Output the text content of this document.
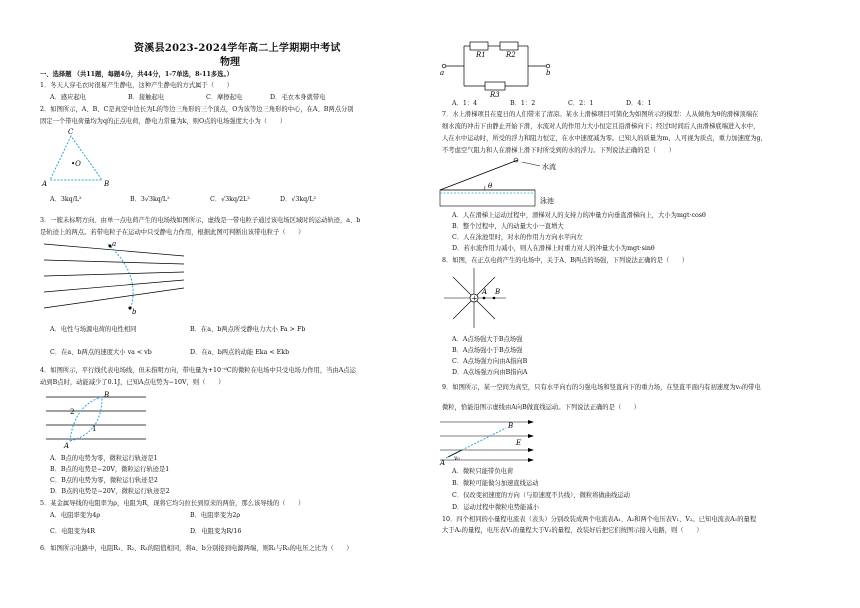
资溪县2023-2024学年高二上学期期中考试
物理
一、选择题 （共11题，每题4分，共44分，1-7单选，8-11多选。）
1．冬天人穿毛衣时很易产生静电，这种产生静电的方式属于（　　）
A．感应起电	B．接触起电	C．摩擦起电	D．毛衣本身就带电
2．如图所示，A、B、C是真空中边长为L的等边三角形的三个顶点，O为该等边三角形的中心，在A、B两点分别
固定一个带电荷量均为q的正点电荷，静电力常量为k，则O点的电场强度大小为（　　）
C
•O
A	B
A．3kq/L²	B．3√3kq/L²	C．√3kq/2L²	D．√3kq/L²
3．一簇未标明方向、由单一点电荷产生的电场线如图所示，虚线是一带电粒子通过该电场区域时的运动轨迹，a、b
是轨迹上的两点。若带电粒子在运动中只受静电力作用，根据此图可判断出该带电粒子（　　）
a
b
A．电性与场源电荷的电性相同	B．在a、b两点所受静电力大小 Fa > Fb
C．在a、b两点的速度大小 va < vb	D．在a、b两点的动能 Eka < Ekb
4．如图所示，平行线代表电场线，但未指明方向，带电量为+10⁻⁶C的微粒在电场中只受电场力作用，当由A点运
动到B点时，动能减少了0.1J，已知A点电势为−10V，则（　　）
B
A
1
2
A．B点的电势为零，微粒运行轨迹是1
B．B点的电势是−20V，微粒运行轨迹是1
C．B点的电势为零，微粒运行轨迹是2
D．B点的电势是−20V，微粒运行轨迹是2
5．某金属导线的电阻率为ρ，电阻为R，现将它均匀拉长到原来的两倍，那么该导线的（　　）
A．电阻率变为4ρ	B．电阻率变为2ρ
C．电阻变为4R	D．电阻变为R/16
6．如图所示电路中，电阻R₁、R₂、R₃的阻值相同，将a、b分别接到电源两端，则R₁与R₃的电压之比为（　　）
R1	R2
R3
a	b
A．1：4	B．1：2	C．2：1	D．4：1
7．水上滑梯项目在夏日的人们带来了清凉。某水上滑梯项目可简化为如图所示的模型：人从倾角为θ的滑梯顶端在
细水流的冲击下由静止开始下滑，水流对人的作用力大小恒定且沿滑梯向下；经过t时间后人由滑梯底端进入水中，
人在水中运动时，所受的浮力和阻力恒定，在水中速度减为零。已知人的质量为m，人可视为质点，重力加速度为g，
不考虑空气阻力和人在滑梯上滑下时所受到的水的浮力。下列说法正确的是（　　）
θ
水流
泳池
A．人在滑梯上运动过程中，滑梯对人的支持力的冲量方向垂直滑梯向上，大小为mgt·cosθ
B．整个过程中，人的动量大小一直增大
C．人在泳池里时，对水的作用力方向水平向左
D．若水流作用力减小，则人在滑梯上时重力对人的冲量大小为mgt·sinθ
8．如图，在正点电荷产生的电场中，关于A、B两点的场强，下列说法正确的是（　　）
+
A B
A．A点场强大于B点场强
B．A点场强小于B点场强
C．A点场强方向由A指向B
D．A点场强方向由B指向A
9．如图所示，某一空间为真空，只有水平向右的匀强电场和竖直向下的重力场，在竖直平面内有初速度为v₀的带电
微粒，恰能沿图示虚线由A向B做直线运动。下列说法正确的是（　　）
B
E
A
v₀
A．微粒只能带负电荷
B．微粒可能做匀加速直线运动
C．仅改变初速度的方向（与原速度不共线），微粒将做曲线运动
D．运动过程中微粒电势能减小
10．四个相同的小量程电流表（表头）分别改装成两个电流表A₁、A₂和两个电压表V₁、V₂。已知电流表A₁的量程
大于A₂的量程，电压表V₁的量程大于V₂的量程，改装好后把它们按图示接入电路，则（　　）
